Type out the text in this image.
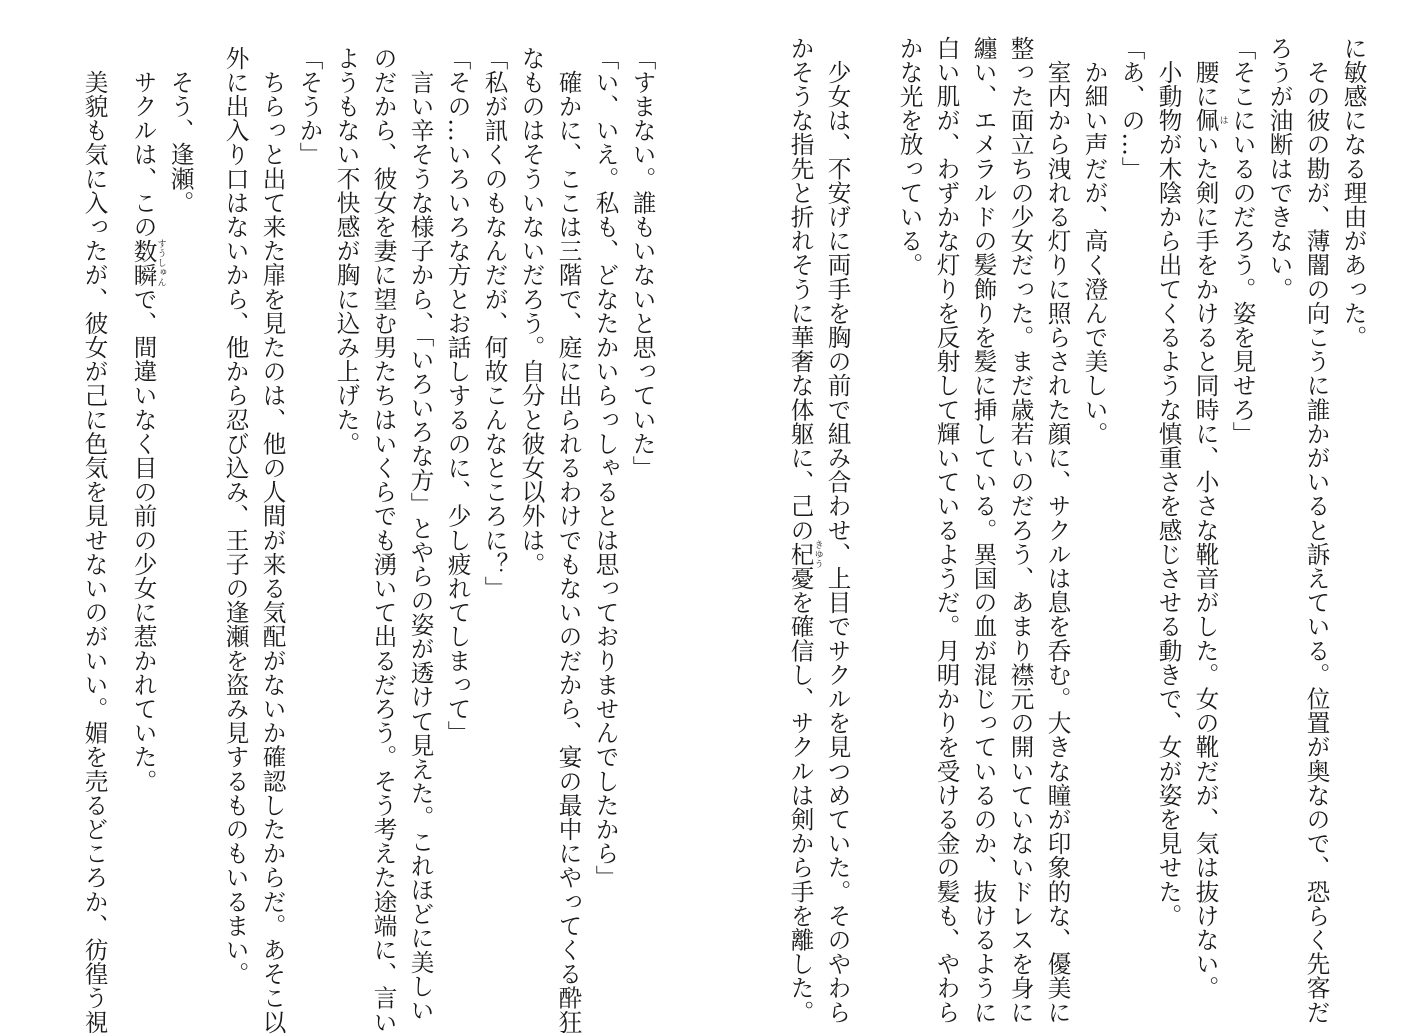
に敏感になる理由があった。

　その彼の勘が、薄闇の向こうに誰かがいると訴えている。位置が奥なので、恐らく先客だ

ろうが油断はできない。

「そこにいるのだろう。姿を見せろ」

　腰に佩はいた剣に手をかけると同時に、小さな靴音がした。女の靴だが、気は抜けない。

　小動物が木陰から出てくるような慎重さを感じさせる動きで、女が姿を見せた。

「あ、の…」

　か細い声だが、高く澄んで美しい。

　室内から洩れる灯りに照らされた顔に、サクルは息を呑む。大きな瞳が印象的な、優美に

整った面立ちの少女だった。まだ歳若いのだろう、あまり襟元の開いていないドレスを身に

纏い、エメラルドの髪飾りを髪に挿している。異国の血が混じっているのか、抜けるように

白い肌が、わずかな灯りを反射して輝いているようだ。月明かりを受ける金の髪も、やわら

かな光を放っている。

　少女は、不安げに両手を胸の前で組み合わせ、上目でサクルを見つめていた。そのやわら

かそうな指先と折れそうに華奢な体躯に、己の杞きゆう憂を確信し、サクルは剣から手を離した。

「すまない。誰もいないと思っていた」

「い、いえ。私も、どなたかいらっしゃるとは思っておりませんでしたから」

　確かに、ここは三階で、庭に出られるわけでもないのだから、宴の最中にやってくる酔狂

なものはそういないだろう。自分と彼女以外は。

「私が訊くのもなんだが、何故こんなところに？」

「その…いろいろな方とお話しするのに、少し疲れてしまって」

　言い辛そうな様子から、「いろいろな方」とやらの姿が透けて見えた。これほどに美しい

のだから、彼女を妻に望む男たちはいくらでも湧いて出るだろう。そう考えた途端に、言い

ようもない不快感が胸に込み上げた。

「そうか」

　ちらっと出て来た扉を見たのは、他の人間が来る気配がないか確認したからだ。あそこ以

外に出入り口はないから、他から忍び込み、王子の逢瀬を盗み見するものもいるまい。

　そう、逢瀬。

　サクルは、この数瞬すうしゅんで、間違いなく目の前の少女に惹かれていた。

　美貌も気に入ったが、彼女が己に色気を見せないのがいい。媚を売るどころか、彷徨う視
